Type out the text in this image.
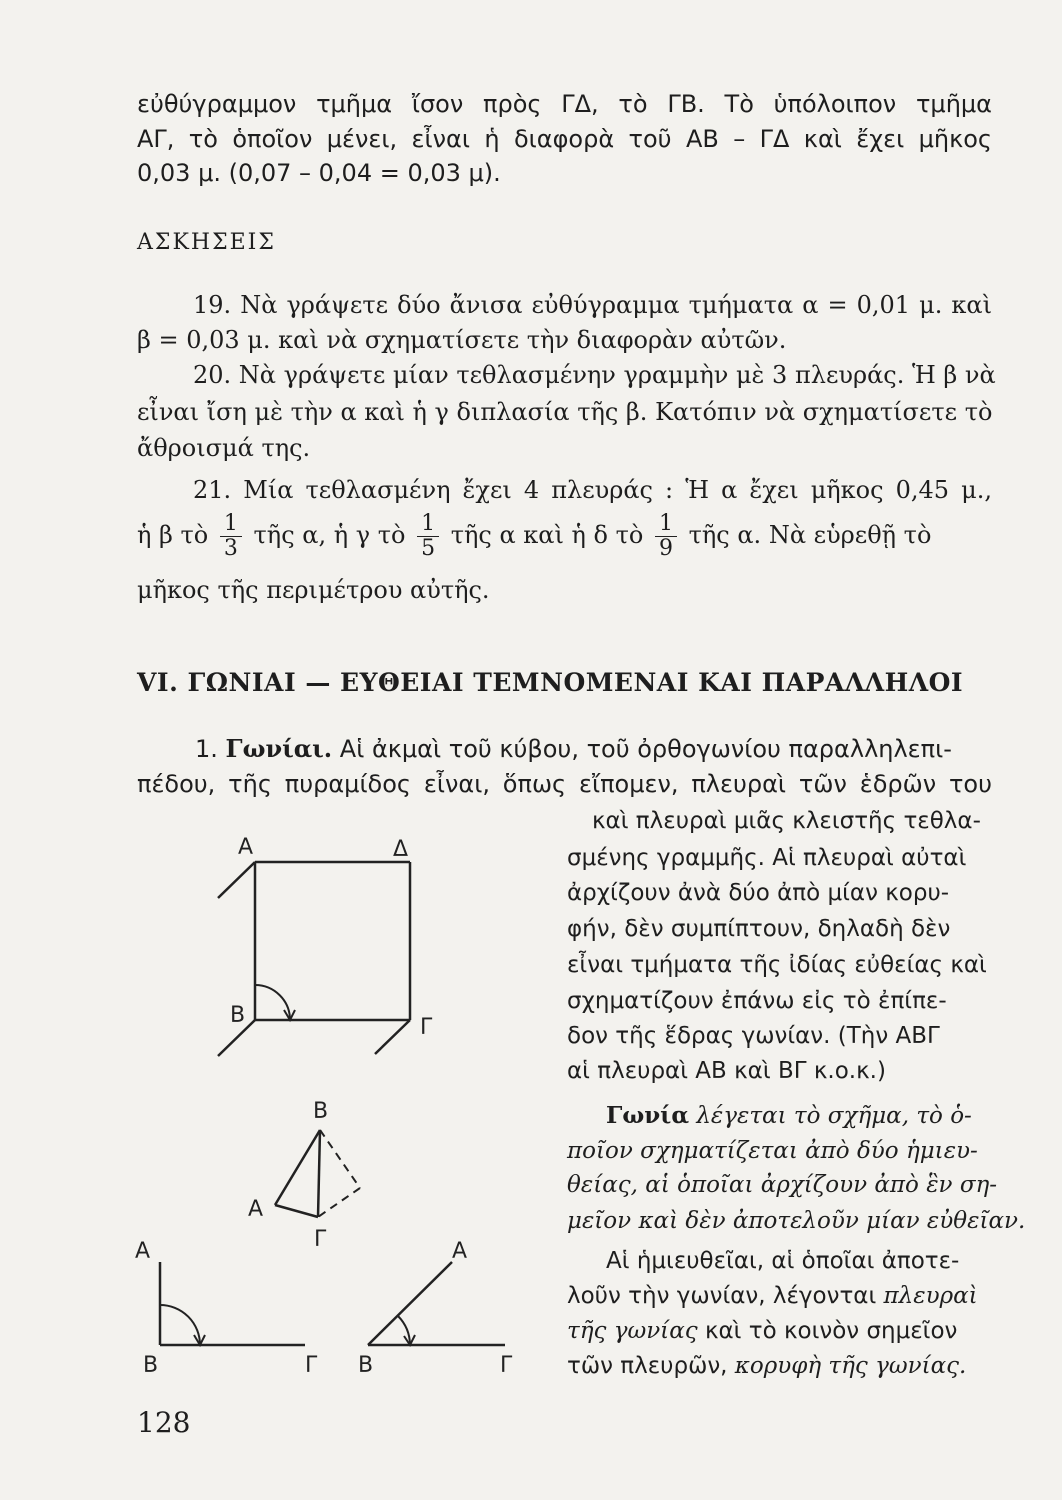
εὐθύγραμμον τμῆμα ἴσον πρὸς ΓΔ, τὸ ΓΒ. Τὸ ὑπόλοιπον τμῆμα
ΑΓ, τὸ ὁποῖον μένει, εἶναι ἡ διαφορὰ τοῦ ΑΒ – ΓΔ καὶ ἔχει μῆκος
0,03 μ. (0,07 – 0,04 = 0,03 μ).
ΑΣΚΗΣΕΙΣ
19. Νὰ γράψετε δύο ἄνισα εὐθύγραμμα τμήματα α = 0,01 μ. καὶ
β = 0,03 μ. καὶ νὰ σχηματίσετε τὴν διαφορὰν αὐτῶν.
20. Νὰ γράψετε μίαν τεθλασμένην γραμμὴν μὲ 3 πλευράς. Ἡ β νὰ
εἶναι ἴση μὲ τὴν α καὶ ἡ γ διπλασία τῆς β. Κατόπιν νὰ σχηματίσετε τὸ
ἄθροισμά της.
21. Μία τεθλασμένη ἔχει 4 πλευράς : Ἡ α ἔχει μῆκος 0,45 μ.,
ἡ β τὸ $\frac{1}{3}$ τῆς α, ἡ γ τὸ $\frac{1}{5}$ τῆς α καὶ ἡ δ τὸ $\frac{1}{9}$ τῆς α. Νὰ εὑρεθῇ τὸ
μῆκος τῆς περιμέτρου αὐτῆς.
VI. ΓΩΝΙΑΙ — ΕΥΘΕΙΑΙ ΤΕΜΝΟΜΕΝΑΙ ΚΑΙ ΠΑΡΑΛΛΗΛΟΙ
1. Γωνίαι. Αἱ ἀκμαὶ τοῦ κύβου, τοῦ ὀρθογωνίου παραλληλεπι-
πέδου, τῆς πυραμίδος εἶναι, ὅπως εἴπομεν, πλευραὶ τῶν ἑδρῶν του
καὶ πλευραὶ μιᾶς κλειστῆς τεθλα-
σμένης γραμμῆς. Αἱ πλευραὶ αὐταὶ
ἀρχίζουν ἀνὰ δύο ἀπὸ μίαν κορυ-
φήν, δὲν συμπίπτουν, δηλαδὴ δὲν
εἶναι τμήματα τῆς ἰδίας εὐθείας καὶ
σχηματίζουν ἐπάνω εἰς τὸ ἐπίπε-
δον τῆς ἕδρας γωνίαν. (Τὴν ΑΒΓ
αἱ πλευραὶ ΑΒ καὶ ΒΓ κ.ο.κ.)
Γωνία λέγεται τὸ σχῆμα, τὸ ὁ-
ποῖον σχηματίζεται ἀπὸ δύο ἡμιευ-
θείας, αἱ ὁποῖαι ἀρχίζουν ἀπὸ ἓν ση-
μεῖον καὶ δὲν ἀποτελοῦν μίαν εὐθεῖαν.
Αἱ ἡμιευθεῖαι, αἱ ὁποῖαι ἀποτε-
λοῦν τὴν γωνίαν, λέγονται πλευραὶ
τῆς γωνίας καὶ τὸ κοινὸν σημεῖον
τῶν πλευρῶν, κορυφὴ τῆς γωνίας.
Α	Δ
Β	Γ
Β
Α
Γ
Α
Β	Γ
Α
Β	Γ
128
